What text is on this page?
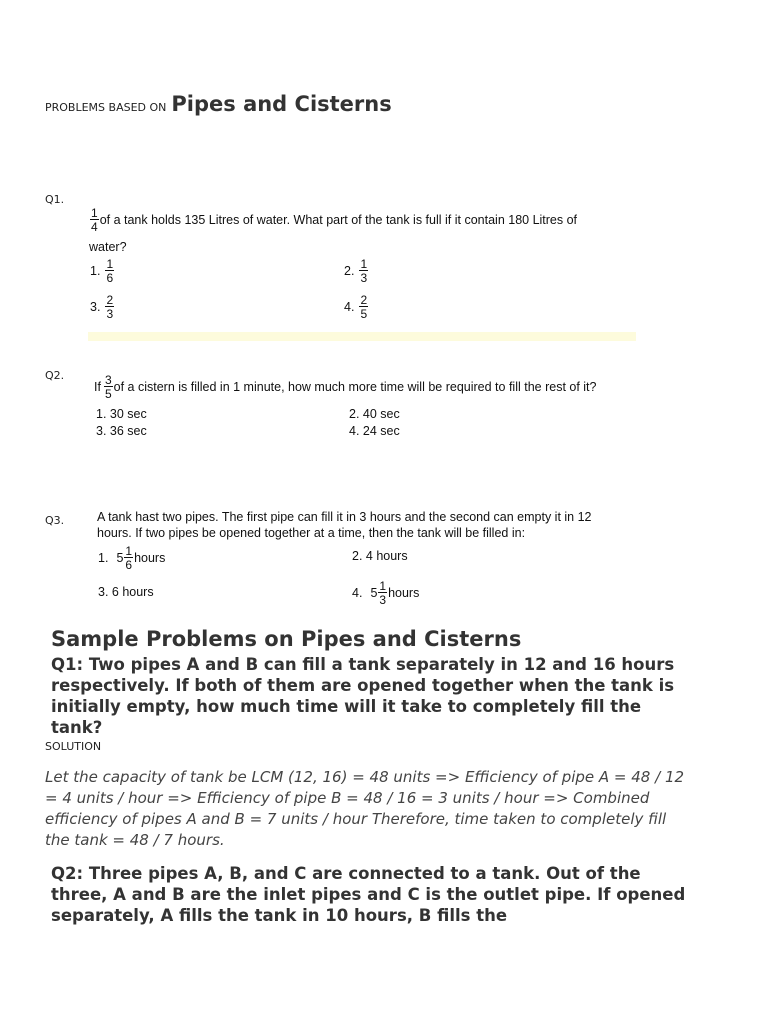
PROBLEMS BASED ON Pipes and Cisterns
Q1.
$\frac{1}{4}$ of a tank holds 135 Litres of water. What part of the tank is full if it contain 180 Litres of
water?
1. $\frac{1}{6}$	2. $\frac{1}{3}$
3. $\frac{2}{3}$	4. $\frac{2}{5}$
Q2.
If $\frac{3}{5}$ of a cistern is filled in 1 minute, how much more time will be required to fill the rest of it?
1. 30 sec	2. 40 sec
3. 36 sec	4. 24 sec
Q3.	A tank hast two pipes. The first pipe can fill it in 3 hours and the second can empty it in 12
hours. If two pipes be opened together at a time, then the tank will be filled in:
1. $5 \frac{1}{6}$ hours	2. 4 hours
3. 6 hours	4. $5 \frac{1}{3}$ hours
Sample Problems on Pipes and Cisterns
Q1: Two pipes A and B can fill a tank separately in 12 and 16 hours respectively. If both of them are opened together when the tank is initially empty, how much time will it take to completely fill the tank?
SOLUTION
Let the capacity of tank be LCM (12, 16) = 48 units => Efficiency of pipe A = 48 / 12 = 4 units / hour => Efficiency of pipe B = 48 / 16 = 3 units / hour => Combined efficiency of pipes A and B = 7 units / hour Therefore, time taken to completely fill the tank = 48 / 7 hours.
Q2: Three pipes A, B, and C are connected to a tank. Out of the three, A and B are the inlet pipes and C is the outlet pipe. If opened separately, A fills the tank in 10 hours, B fills the
